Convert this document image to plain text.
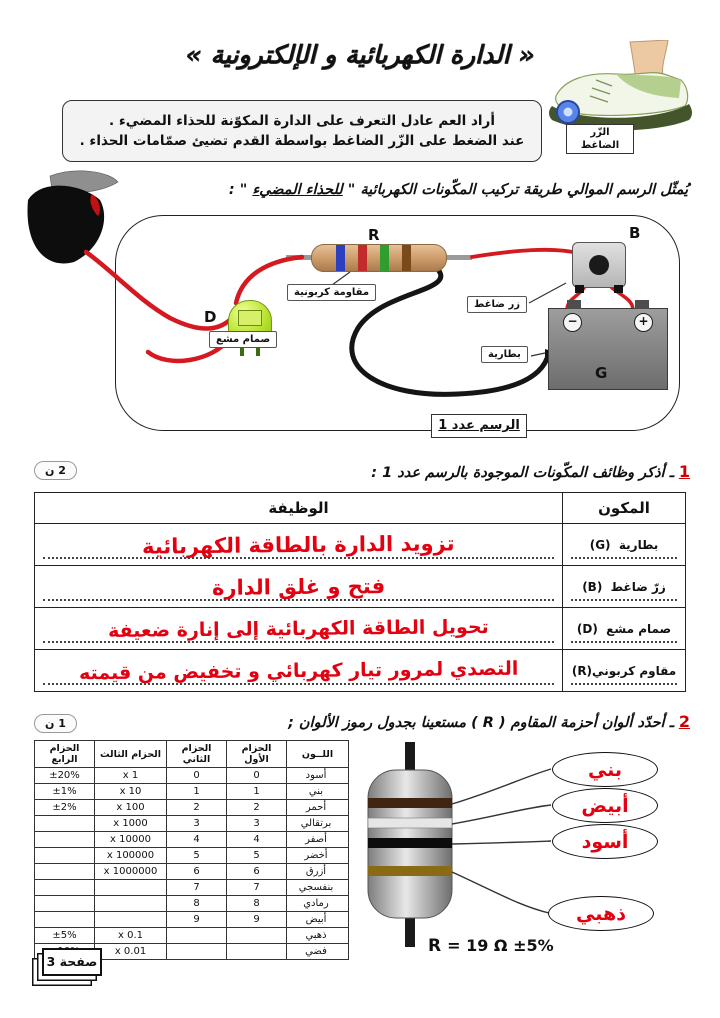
« الدارة الكهربائية و الإلكترونية »
الزّر
الضاغط
أراد العم عادل التعرف على الدارة المكوّنة للحذاء المضيء .
عند الضغط على الزّر الضاغط بواسطة القدم تضيئ صمّامات الحذاء .
يُمثّل الرسم الموالي طريقة تركيب المكّونات الكهربائية " للحذاء المضيء " :
R	B
−	+
G
D
مقاومة كربونية
زر ضاغط
صمام مشع
بطارية
الرسم عدد 1
1ـ أذكر وظائف المكّونات الموجودة بالرسم عدد 1 :
2 ن
المكون	الوظيفة

بطارية  (G)	تزويد الدارة بالطاقة الكهربائية

زرّ ضاغط  (B)	فتح و غلق الدارة

صمام مشع  (D)	تحويل الطاقة الكهربائية إلى إنارة ضعيفة

مقاوم كربوني(R)	التصدي لمرور تيار كهربائي و تخفيض من قيمته
2ـ أحدّد ألوان أحزمة المقاوم ( R ) مستعينا بجدول رموز الألوان ;
1 ن
الحزام الرابع	الحزام الثالث	الحزام الثاني	الحزام الأول	اللــون
±20%	x 1	0	0	أسود
±1%	x 10	1	1	بني
±2%	x 100	2	2	أحمر
	x 1000	3	3	برتقالي
	x 10000	4	4	أصفر
	x 100000	5	5	أخضر
	x 1000000	6	6	أزرق
		7	7	بنفسجي
		8	8	رمادي
		9	9	أبيض
±5%	x 0.1			ذهبي
	x 0.01			فضي
بني
أبيض
أسود
ذهبي
R = 19 Ω ±5%
صفحة 3
